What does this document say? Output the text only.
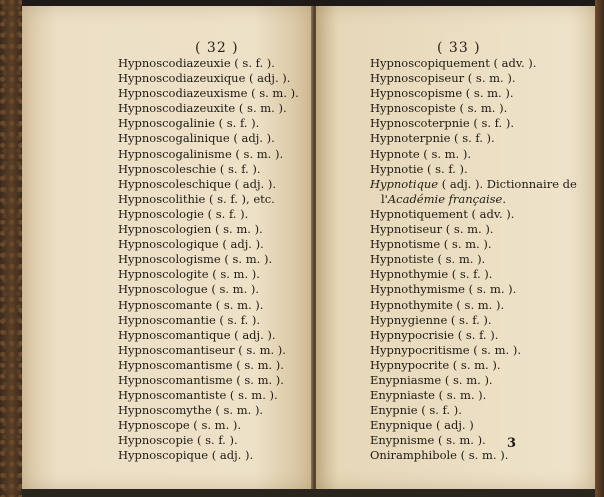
( 32 )	( 33 )
Hypnoscodiazeuxie ( s. f. ).
Hypnoscodiazeuxique ( adj. ).
Hypnoscodiazeuxisme ( s. m. ).
Hypnoscodiazeuxite ( s. m. ).
Hypnoscogalinie ( s. f. ).
Hypnoscogalinique ( adj. ).
Hypnoscogalinisme ( s. m. ).
Hypnoscoleschie ( s. f. ).
Hypnoscoleschique ( adj. ).
Hypnoscolithie ( s. f. ), etc.
Hypnoscologie ( s. f. ).
Hypnoscologien ( s. m. ).
Hypnoscologique ( adj. ).
Hypnoscologisme ( s. m. ).
Hypnoscologite ( s. m. ).
Hypnoscologue ( s. m. ).
Hypnoscomante ( s. m. ).
Hypnoscomantie ( s. f. ).
Hypnoscomantique ( adj. ).
Hypnoscomantiseur ( s. m. ).
Hypnoscomantisme ( s. m. ).
Hypnoscomantisme ( s. m. ).
Hypnoscomantiste ( s. m. ).
Hypnoscomythe ( s. m. ).
Hypnoscope ( s. m. ).
Hypnoscopie ( s. f. ).
Hypnoscopique ( adj. ).
Hypnoscopiquement ( adv. ).
Hypnoscopiseur ( s. m. ).
Hypnoscopisme ( s. m. ).
Hypnoscopiste ( s. m. ).
Hypnoscoterpnie ( s. f. ).
Hypnoterpnie ( s. f. ).
Hypnote ( s. m. ).
Hypnotie ( s. f. ).
Hypnotique ( adj. ). Dictionnaire de
l'Académie française.
Hypnotiquement ( adv. ).
Hypnotiseur ( s. m. ).
Hypnotisme ( s. m. ).
Hypnotiste ( s. m. ).
Hypnothymie ( s. f. ).
Hypnothymisme ( s. m. ).
Hypnothymite ( s. m. ).
Hypnygienne ( s. f. ).
Hypnypocrisie ( s. f. ).
Hypnypocritisme ( s. m. ).
Hypnypocrite ( s. m. ).
Enypniasme ( s. m. ).
Enypniaste ( s. m. ).
Enypnie ( s. f. ).
Enypnique ( adj. )
Enypnisme ( s. m. ).
Oniramphibole ( s. m. ).
3
